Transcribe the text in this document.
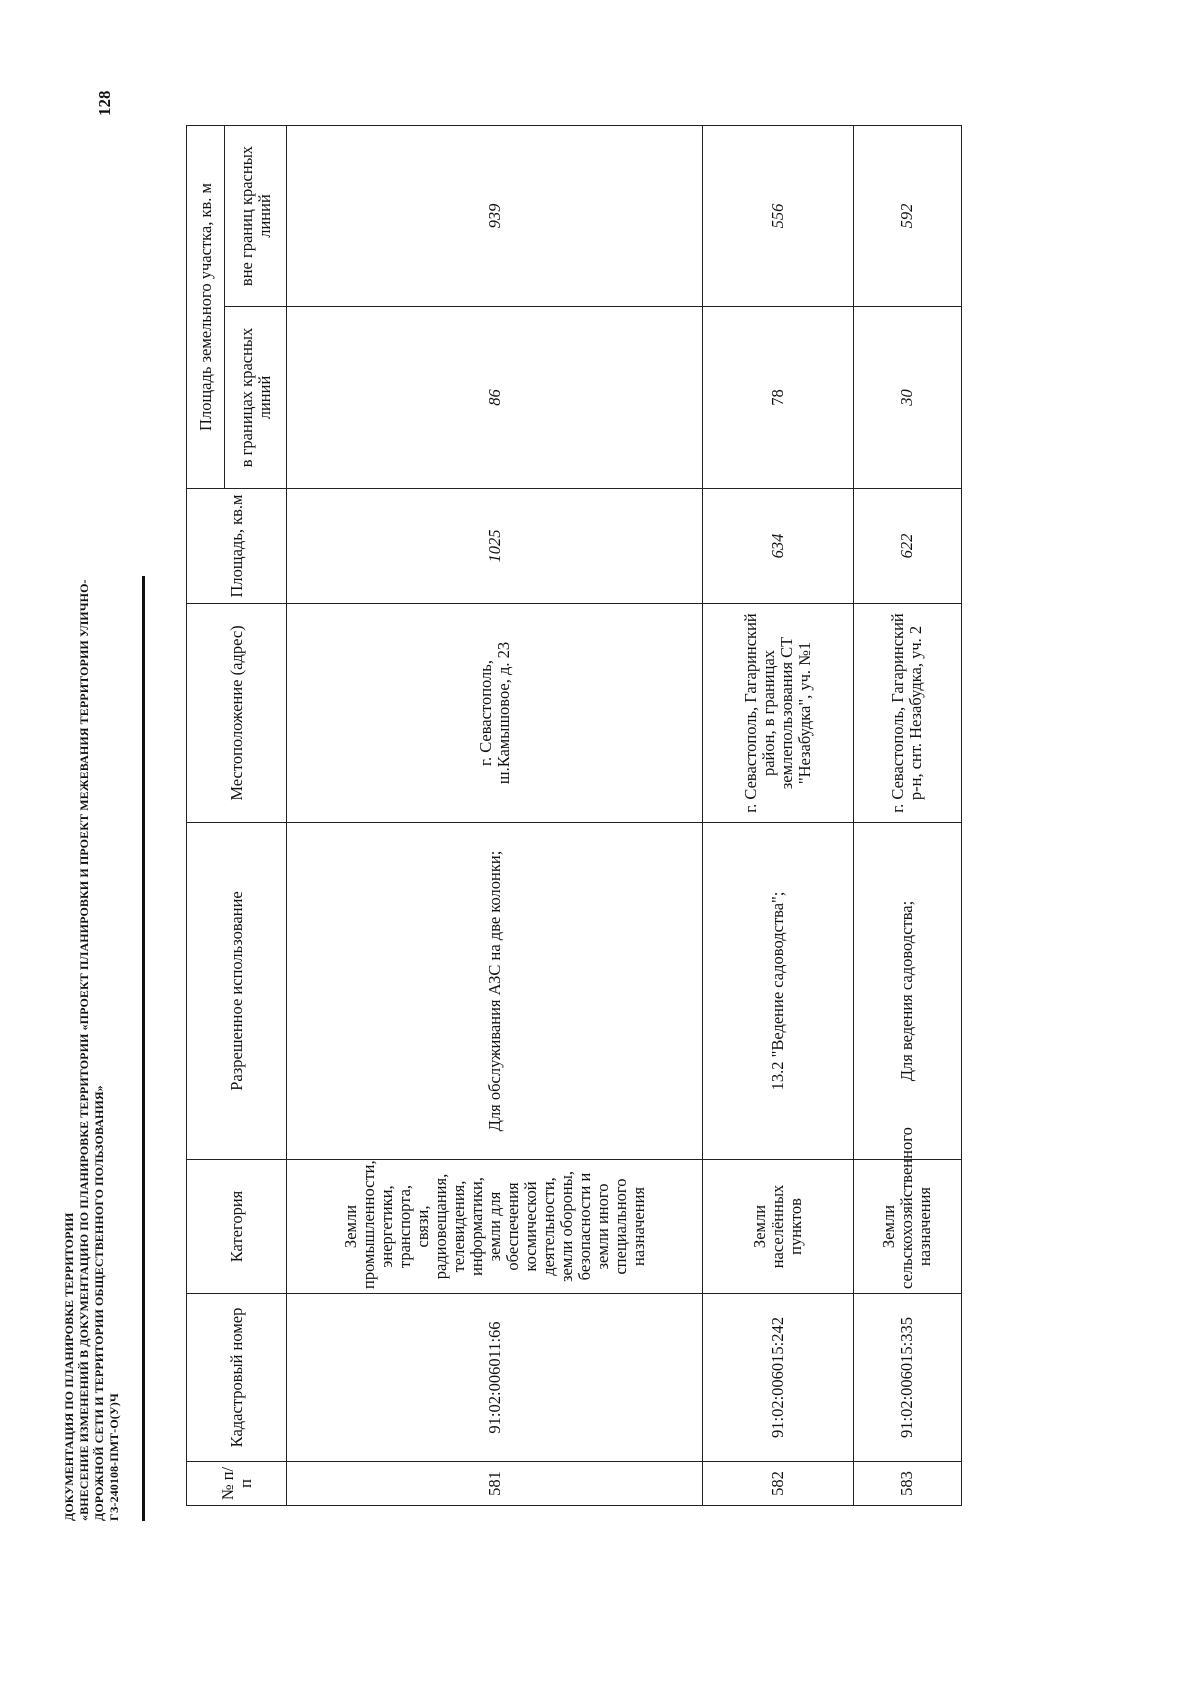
ДОКУМЕНТАЦИЯ ПО ПЛАНИРОВКЕ ТЕРРИТОРИИ «ВНЕСЕНИЕ ИЗМЕНЕНИЙ В ДОКУМЕНТАЦИЮ ПО ПЛАНИРОВКЕ ТЕРРИТОРИИ «ПРОЕКТ ПЛАНИРОВКИ И ПРОЕКТ МЕЖЕВАНИЯ ТЕРРИТОРИИ УЛИЧНО- ДОРОЖНОЙ СЕТИ И ТЕРРИТОРИИ ОБЩЕСТВЕННОГО ПОЛЬЗОВАНИЯ» ГЗ-240108-ПМТ-О(У)Ч
128
№ п/п	Кадастровый номер	Категория	Разрешенное использование	Местоположение (адрес)	Площадь, кв.м	Площадь земельного участка, кв. м	
						в границах красных линий	вне границ красных линий
581	91:02:006011:66	Земли промышленности, энергетики, транспорта, связи, радиовещания, телевидения, информатики, земли для обеспечения космической деятельности, земли обороны, безопасности и земли иного специального назначения	Для обслуживания АЗС на две колонки;	г. Севастополь, ш.Камышовое, д. 23	1025	86	939
582	91:02:006015:242	Земли населённых пунктов	13.2 "Ведение садоводства";	г. Севастополь, Гагаринский район, в границах землепользования СТ "Незабудка", уч. №1	634	78	556
583	91:02:006015:335	Земли сельскохозяйственного назначения	Для ведения садоводства;	г. Севастополь, Гагаринский р-н, снт. Незабудка, уч. 2	622	30	592
